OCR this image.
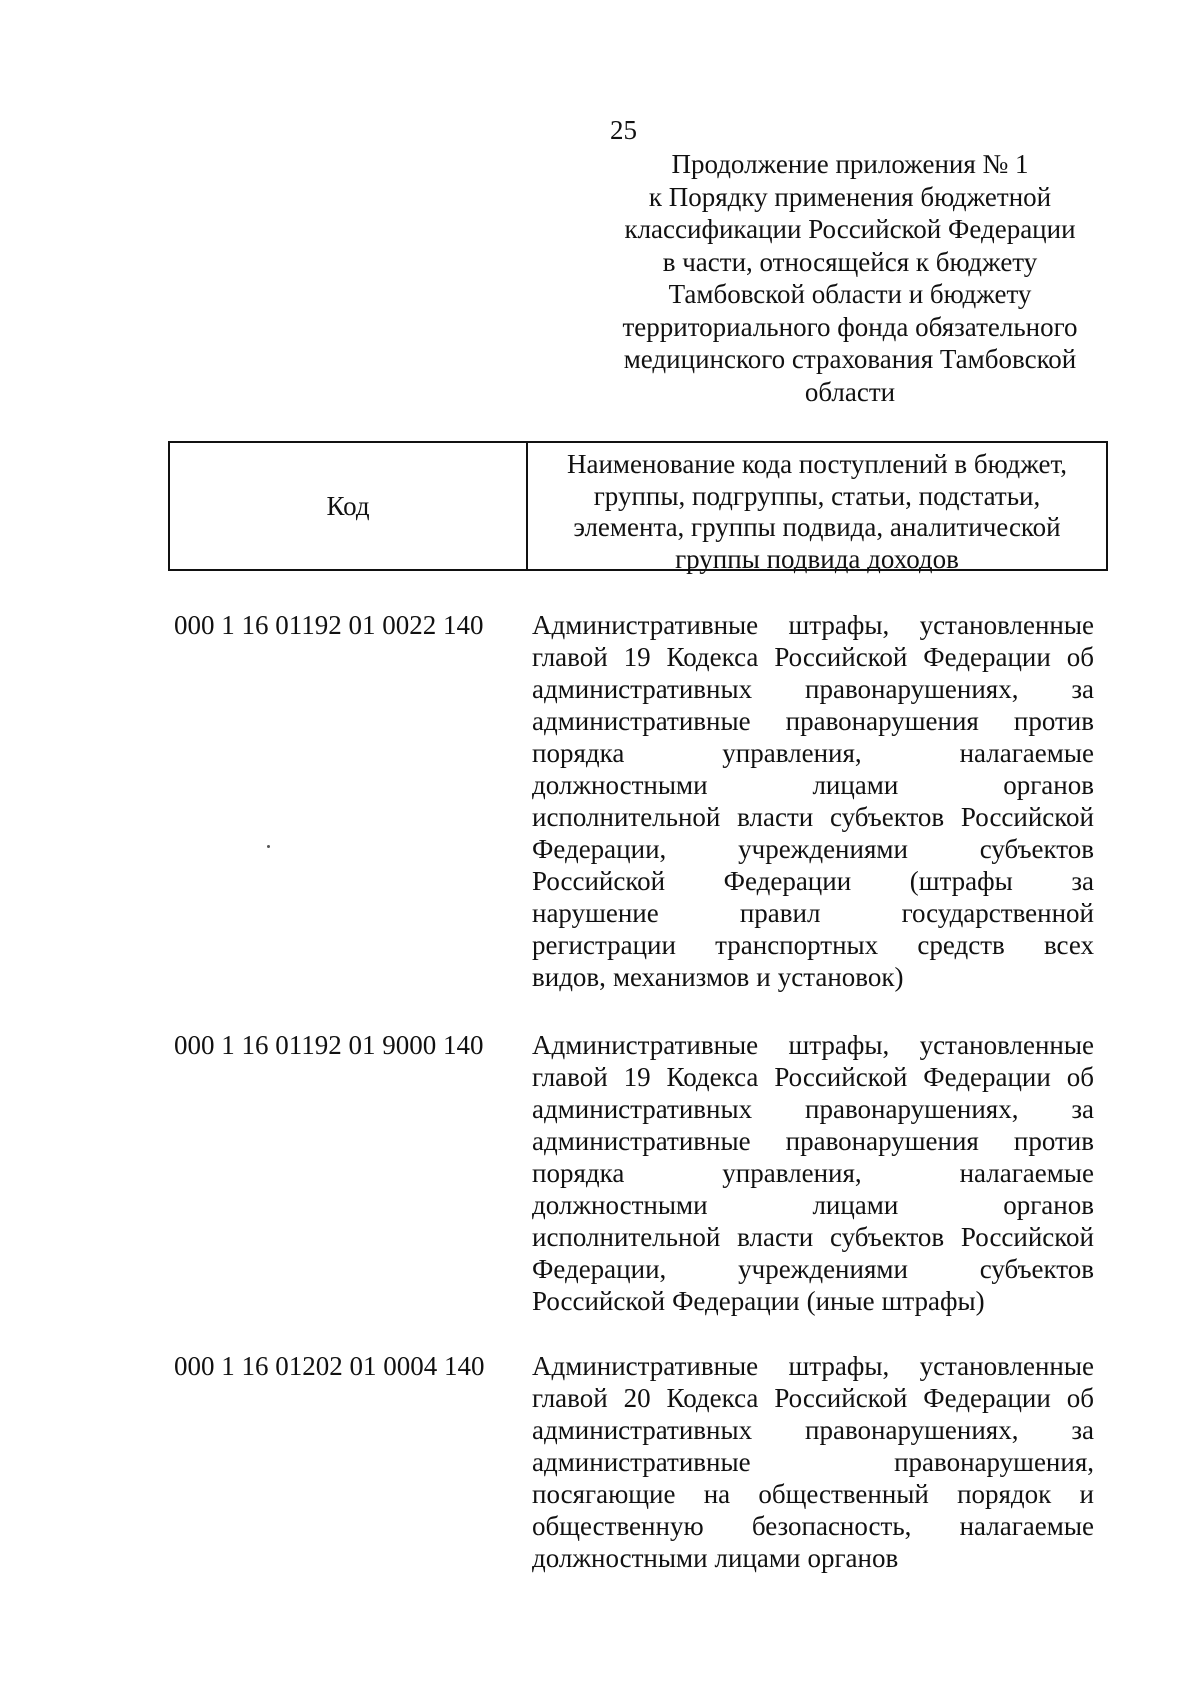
25
Продолжение приложения № 1
к Порядку применения бюджетной
классификации Российской Федерации
в части, относящейся к бюджету
Тамбовской области и бюджету
территориального фонда обязательного
медицинского страхования Тамбовской
области
Код
Наименование кода поступлений в бюджет,
группы, подгруппы, статьи, подстатьи,
элемента, группы подвида, аналитической
группы подвида доходов
000 1 16 01192 01 0022 140 Административные штрафы, установленные
главой 19 Кодекса Российской Федерации об
административных правонарушениях, за
административные правонарушения против
порядка	управления,	налагаемые
должностными	лицами	органов
исполнительной власти субъектов Российской
Федерации,	учреждениями	субъектов
Российской Федерации (штрафы за
нарушение	правил	государственной
регистрации транспортных средств всех
видов, механизмов и установок)
000 1 16 01192 01 9000 140 Административные штрафы, установленные
главой 19 Кодекса Российской Федерации об
административных правонарушениях, за
административные правонарушения против
порядка	управления,	налагаемые
должностными	лицами	органов
исполнительной власти субъектов Российской
Федерации,	учреждениями	субъектов
Российской Федерации (иные штрафы)
000 1 16 01202 01 0004 140 Административные штрафы, установленные
главой 20 Кодекса Российской Федерации об
административных правонарушениях, за
административные	правонарушения,
посягающие на общественный порядок и
общественную безопасность, налагаемые
должностными лицами органов
